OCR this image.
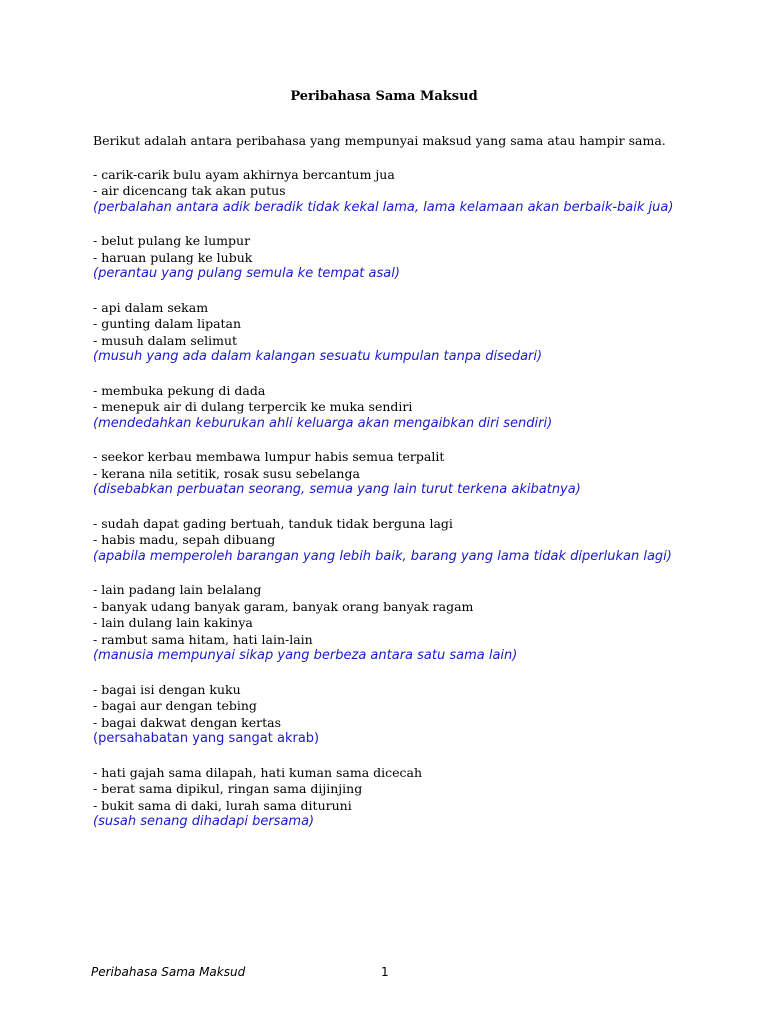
Peribahasa Sama Maksud
Berikut adalah antara peribahasa yang mempunyai maksud yang sama atau hampir sama.
- carik-carik bulu ayam akhirnya bercantum jua
- air dicencang tak akan putus
(perbalahan antara adik beradik tidak kekal lama, lama kelamaan akan berbaik-baik jua)
- belut pulang ke lumpur
- haruan pulang ke lubuk
(perantau yang pulang semula ke tempat asal)
- api dalam sekam
- gunting dalam lipatan
- musuh dalam selimut
(musuh yang ada dalam kalangan sesuatu kumpulan tanpa disedari)
- membuka pekung di dada
- menepuk air di dulang terpercik ke muka sendiri
(mendedahkan keburukan ahli keluarga akan mengaibkan diri sendiri)
- seekor kerbau membawa lumpur habis semua terpalit
- kerana nila setitik, rosak susu sebelanga
(disebabkan perbuatan seorang, semua yang lain turut terkena akibatnya)
- sudah dapat gading bertuah, tanduk tidak berguna lagi
- habis madu, sepah dibuang
(apabila memperoleh barangan yang lebih baik, barang yang lama tidak diperlukan lagi)
- lain padang lain belalang
- banyak udang banyak garam, banyak orang banyak ragam
- lain dulang lain kakinya
- rambut sama hitam, hati lain-lain
(manusia mempunyai sikap yang berbeza antara satu sama lain)
- bagai isi dengan kuku
- bagai aur dengan tebing
- bagai dakwat dengan kertas
(persahabatan yang sangat akrab)
- hati gajah sama dilapah, hati kuman sama dicecah
- berat sama dipikul, ringan sama dijinjing
- bukit sama di daki, lurah sama dituruni
(susah senang dihadapi bersama)
Peribahasa Sama Maksud	1
